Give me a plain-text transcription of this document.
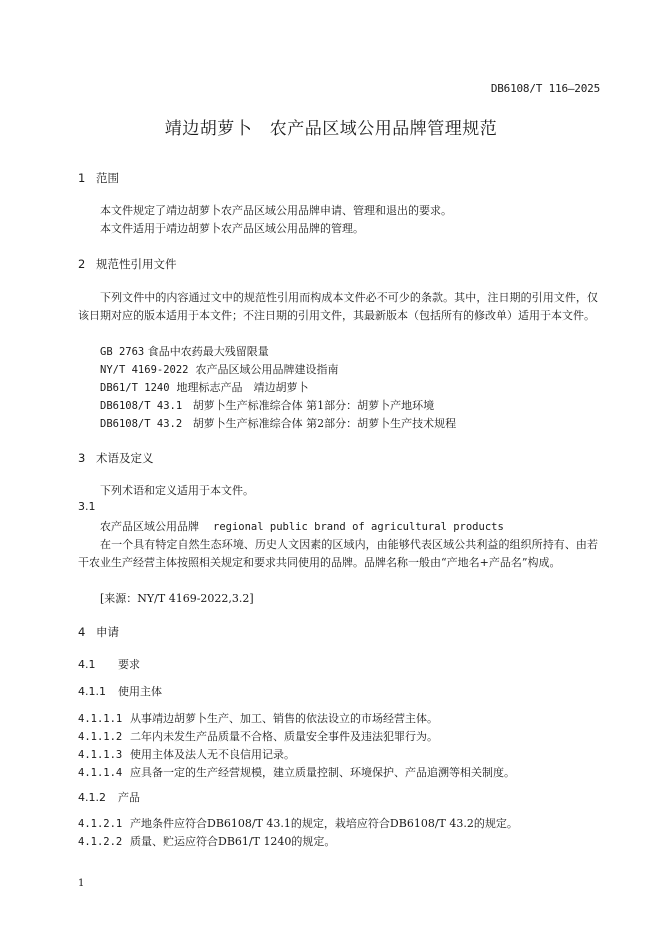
DB6108/T 116—2025
靖边胡萝卜　农产品区域公用品牌管理规范
1 范围
本文件规定了靖边胡萝卜农产品区域公用品牌申请、管理和退出的要求。
本文件适用于靖边胡萝卜农产品区域公用品牌的管理。
2 规范性引用文件
下列文件中的内容通过文中的规范性引用而构成本文件必不可少的条款。其中，注日期的引用文件，仅该日期对应的版本适用于本文件；不注日期的引用文件，其最新版本（包括所有的修改单）适用于本文件。
GB 2763 食品中农药最大残留限量
NY/T 4169-2022 农产品区域公用品牌建设指南
DB61/T 1240 地理标志产品　靖边胡萝卜
DB6108/T 43.1 胡萝卜生产标准综合体 第1部分：胡萝卜产地环境
DB6108/T 43.2 胡萝卜生产标准综合体 第2部分：胡萝卜生产技术规程
3 术语及定义
下列术语和定义适用于本文件。
3.1
农产品区域公用品牌 regional public brand of agricultural products
在一个具有特定自然生态环境、历史人文因素的区域内，由能够代表区域公共利益的组织所持有、由若干农业生产经营主体按照相关规定和要求共同使用的品牌。品牌名称一般由“产地名+产品名”构成。
[来源：NY/T 4169-2022,3.2]
4 申请
4.1 要求
4.1.1 使用主体
4.1.1.1 从事靖边胡萝卜生产、加工、销售的依法设立的市场经营主体。
4.1.1.2 二年内未发生产品质量不合格、质量安全事件及违法犯罪行为。
4.1.1.3 使用主体及法人无不良信用记录。
4.1.1.4 应具备一定的生产经营规模，建立质量控制、环境保护、产品追溯等相关制度。
4.1.2 产品
4.1.2.1 产地条件应符合DB6108/T 43.1的规定，栽培应符合DB6108/T 43.2的规定。
4.1.2.2 质量、贮运应符合DB61/T 1240的规定。
1
